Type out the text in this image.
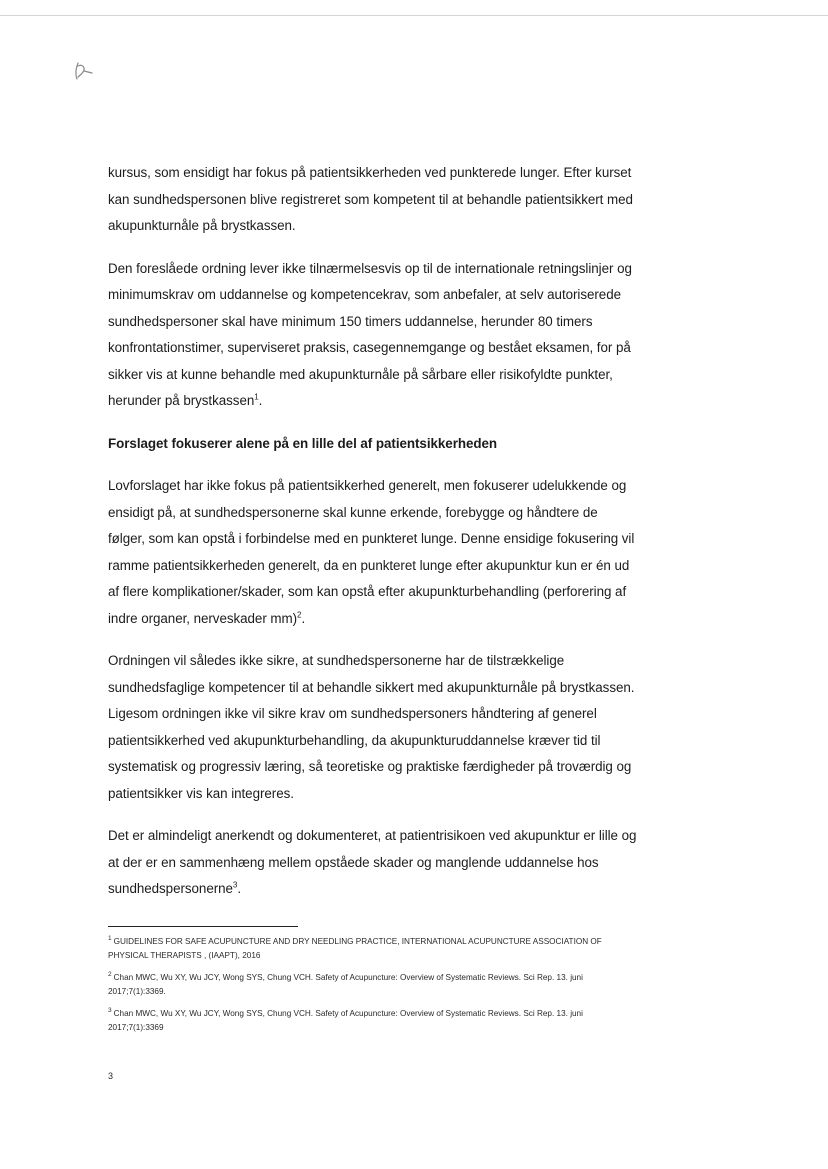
kursus, som ensidigt har fokus på patientsikkerheden ved punkterede lunger. Efter kurset kan sundhedspersonen blive registreret som kompetent til at behandle patientsikkert med akupunkturnåle på brystkassen.

Den foreslåede ordning lever ikke tilnærmelsesvis op til de internationale retningslinjer og minimumskrav om uddannelse og kompetencekrav, som anbefaler, at selv autoriserede sundhedspersoner skal have minimum 150 timers uddannelse, herunder 80 timers konfrontationstimer, superviseret praksis, casegennemgange og bestået eksamen, for på sikker vis at kunne behandle med akupunkturnåle på sårbare eller risikofyldte punkter, herunder på brystkassen$^1$.

Forslaget fokuserer alene på en lille del af patientsikkerheden

Lovforslaget har ikke fokus på patientsikkerhed generelt, men fokuserer udelukkende og ensidigt på, at sundhedspersonerne skal kunne erkende, forebygge og håndtere de følger, som kan opstå i forbindelse med en punkteret lunge. Denne ensidige fokusering vil ramme patientsikkerheden generelt, da en punkteret lunge efter akupunktur kun er én ud af flere komplikationer/skader, som kan opstå efter akupunkturbehandling (perforering af indre organer, nerveskader mm)$^2$.

Ordningen vil således ikke sikre, at sundhedspersonerne har de tilstrækkelige sundhedsfaglige kompetencer til at behandle sikkert med akupunkturnåle på brystkassen. Ligesom ordningen ikke vil sikre krav om sundhedspersoners håndtering af generel patientsikkerhed ved akupunkturbehandling, da akupunkturuddannelse kræver tid til systematisk og progressiv læring, så teoretiske og praktiske færdigheder på troværdig og patientsikker vis kan integreres.

Det er almindeligt anerkendt og dokumenteret, at patientrisikoen ved akupunktur er lille og at der er en sammenhæng mellem opståede skader og manglende uddannelse hos sundhedspersonerne$^3$.

$^1$ GUIDELINES FOR SAFE ACUPUNCTURE AND DRY NEEDLING PRACTICE, INTERNATIONAL ACUPUNCTURE ASSOCIATION OF PHYSICAL THERAPISTS , (IAAPT), 2016

$^2$ Chan MWC, Wu XY, Wu JCY, Wong SYS, Chung VCH. Safety of Acupuncture: Overview of Systematic Reviews. Sci Rep. 13. juni 2017;7(1):3369.

$^3$ Chan MWC, Wu XY, Wu JCY, Wong SYS, Chung VCH. Safety of Acupuncture: Overview of Systematic Reviews. Sci Rep. 13. juni 2017;7(1):3369

3
